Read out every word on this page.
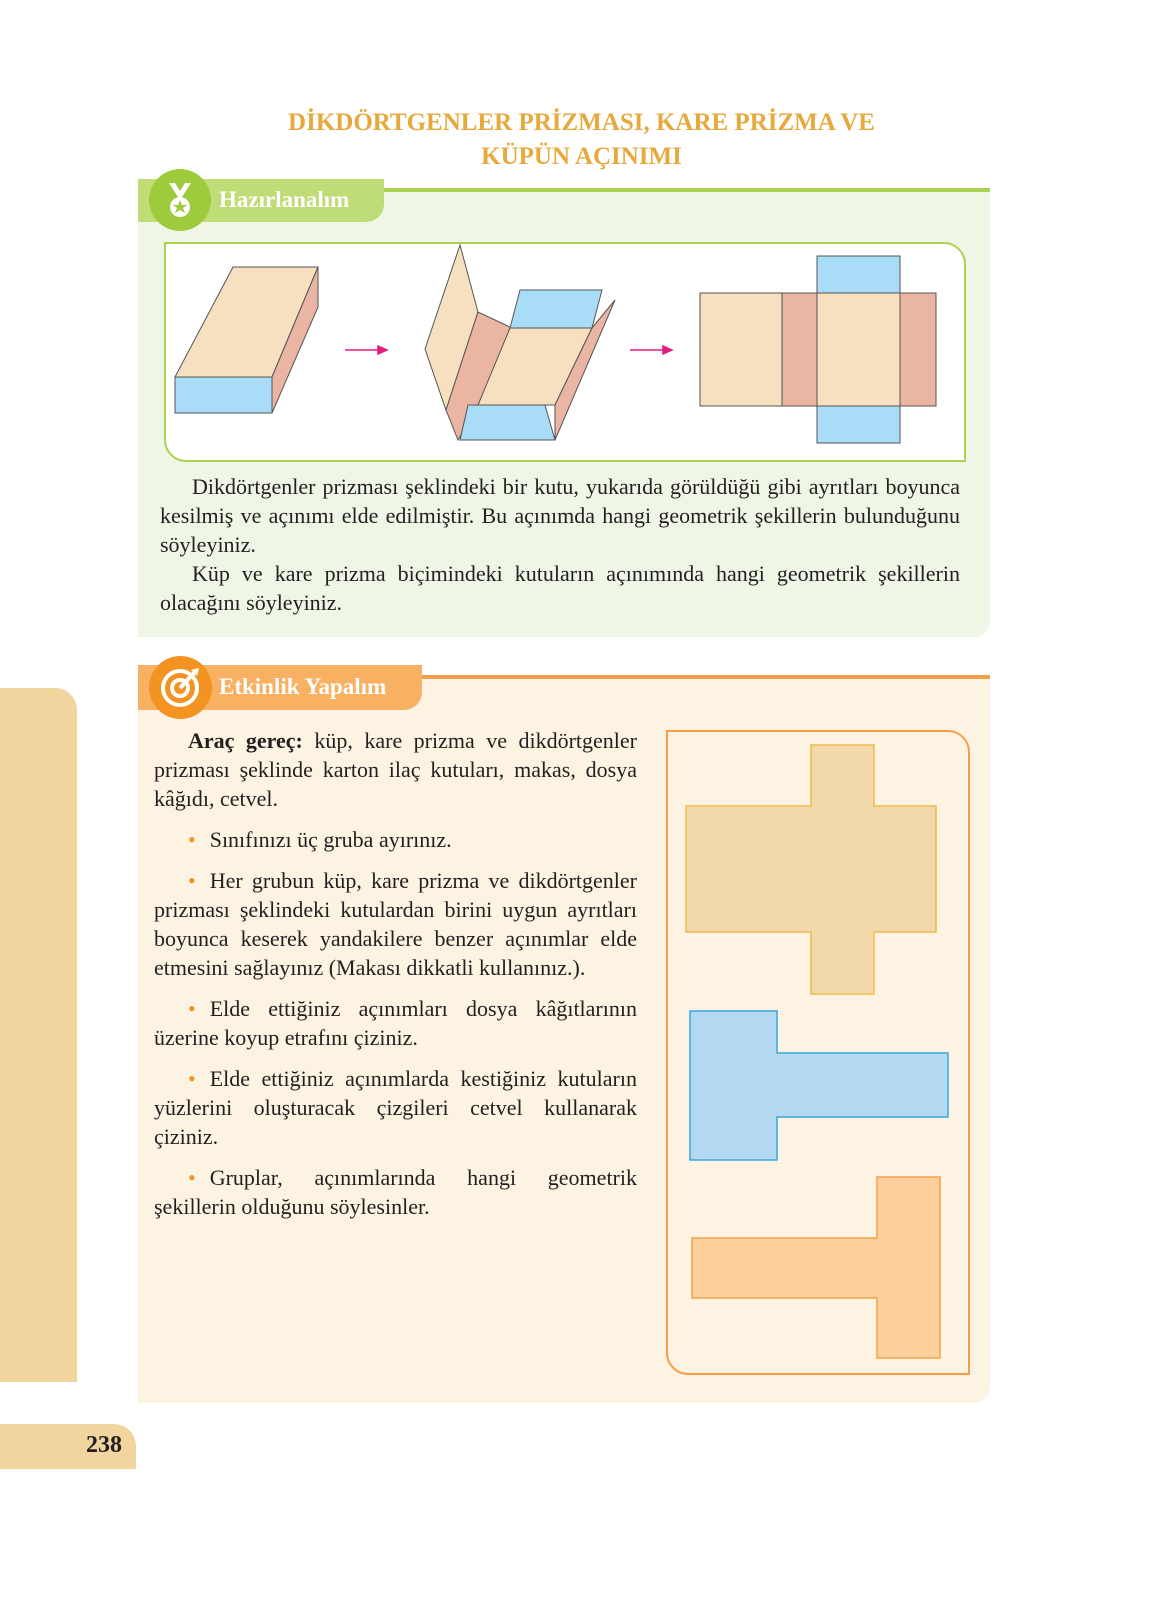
DİKDÖRTGENLER PRİZMASI, KARE PRİZMA VE
KÜPÜN AÇINIMI
Hazırlanalım
Dikdörtgenler prizması şeklindeki bir kutu, yukarıda görüldüğü gibi ayrıtları boyunca kesilmiş ve açınımı elde edilmiştir. Bu açınımda hangi geometrik şekillerin bulunduğunu söyleyiniz.
Küp ve kare prizma biçimindeki kutuların açınımında hangi geometrik şekillerin olacağını söyleyiniz.
Etkinlik Yapalım
Araç gereç: küp, kare prizma ve dikdörtgenler prizması şeklinde karton ilaç kutuları, makas, dosya kâğıdı, cetvel.
• Sınıfınızı üç gruba ayırınız.
• Her grubun küp, kare prizma ve dikdörtgenler prizması şeklindeki kutulardan birini uygun ayrıtları boyunca keserek yandakilere benzer açınımlar elde etmesini sağlayınız (Makası dikkatli kullanınız.).
• Elde ettiğiniz açınımları dosya kâğıtlarının üzerine koyup etrafını çiziniz.
• Elde ettiğiniz açınımlarda kestiğiniz kutuların yüzlerini oluşturacak çizgileri cetvel kullanarak çiziniz.
• Gruplar, açınımlarında hangi geometrik şekillerin olduğunu söylesinler.
238
